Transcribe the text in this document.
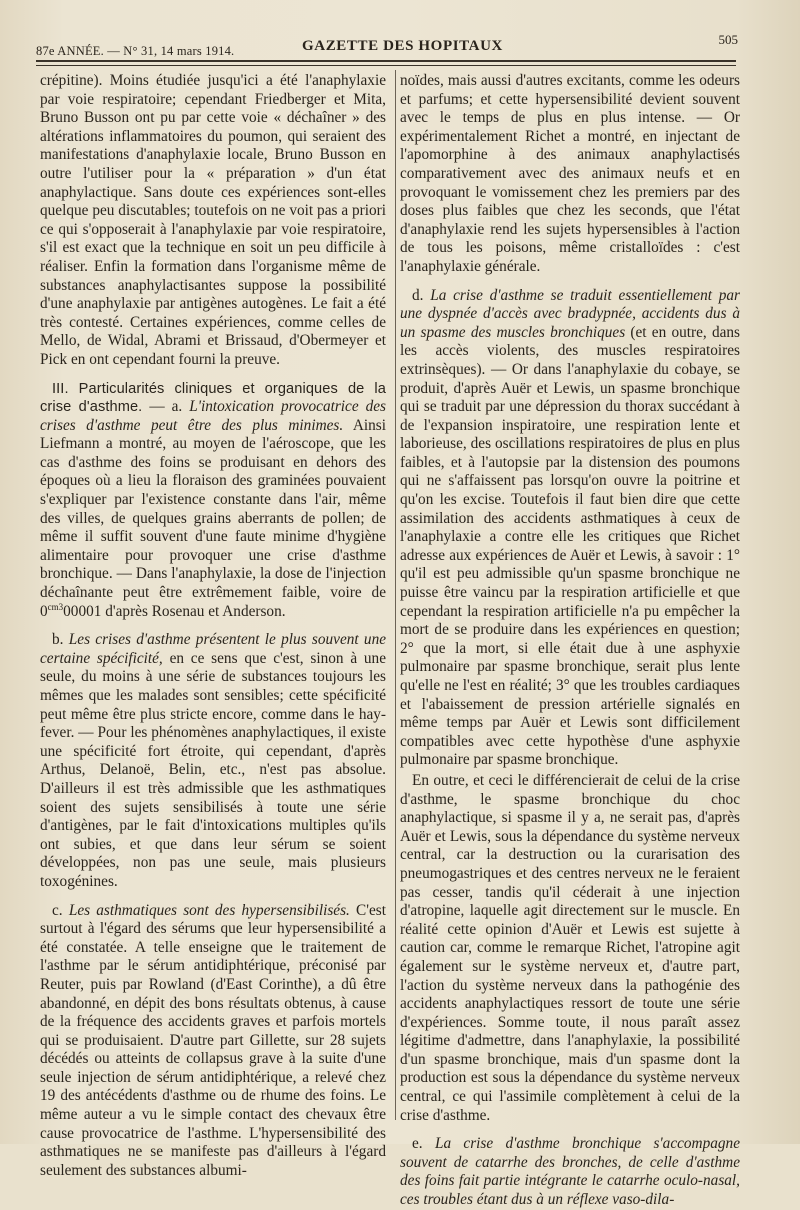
87e ANNÉE. — N° 31, 14 mars 1914.	GAZETTE DES HOPITAUX	505

crépitine). Moins étudiée jusqu'ici a été l'anaphylaxie par voie respiratoire; cependant Friedberger et Mita, Bruno Busson ont pu par cette voie « déchaîner » des altérations inflammatoires du poumon, qui seraient des manifestations d'anaphylaxie locale, Bruno Busson en outre l'utiliser pour la « préparation » d'un état anaphylactique. Sans doute ces expériences sont-elles quelque peu discutables; toutefois on ne voit pas a priori ce qui s'opposerait à l'anaphylaxie par voie respiratoire, s'il est exact que la technique en soit un peu difficile à réaliser. Enfin la formation dans l'organisme même de substances anaphylactisantes suppose la possibilité d'une anaphylaxie par antigènes autogènes. Le fait a été très contesté. Certaines expériences, comme celles de Mello, de Widal, Abrami et Brissaud, d'Obermeyer et Pick en ont cependant fourni la preuve.

III. Particularités cliniques et organiques de la crise d'asthme. — a. L'intoxication provocatrice des crises d'asthme peut être des plus minimes. Ainsi Liefmann a montré, au moyen de l'aéroscope, que les cas d'asthme des foins se produisant en dehors des époques où a lieu la floraison des graminées pouvaient s'expliquer par l'existence constante dans l'air, même des villes, de quelques grains aberrants de pollen; de même il suffit souvent d'une faute minime d'hygiène alimentaire pour provoquer une crise d'asthme bronchique. — Dans l'anaphylaxie, la dose de l'injection déchaînante peut être extrêmement faible, voire de $0^{cm3}00001$ d'après Rosenau et Anderson.

b. Les crises d'asthme présentent le plus souvent une certaine spécificité, en ce sens que c'est, sinon à une seule, du moins à une série de substances toujours les mêmes que les malades sont sensibles; cette spécificité peut même être plus stricte encore, comme dans le hay-fever. — Pour les phénomènes anaphylactiques, il existe une spécificité fort étroite, qui cependant, d'après Arthus, Delanoë, Belin, etc., n'est pas absolue. D'ailleurs il est très admissible que les asthmatiques soient des sujets sensibilisés à toute une série d'antigènes, par le fait d'intoxications multiples qu'ils ont subies, et que dans leur sérum se soient développées, non pas une seule, mais plusieurs toxogénines.

c. Les asthmatiques sont des hypersensibilisés. C'est surtout à l'égard des sérums que leur hypersensibilité a été constatée. A telle enseigne que le traitement de l'asthme par le sérum antidiphtérique, préconisé par Reuter, puis par Rowland (d'East Corinthe), a dû être abandonné, en dépit des bons résultats obtenus, à cause de la fréquence des accidents graves et parfois mortels qui se produisaient. D'autre part Gillette, sur 28 sujets décédés ou atteints de collapsus grave à la suite d'une seule injection de sérum antidiphtérique, a relevé chez 19 des antécédents d'asthme ou de rhume des foins. Le même auteur a vu le simple contact des chevaux être cause provocatrice de l'asthme. L'hypersensibilité des asthmatiques ne se manifeste pas d'ailleurs à l'égard seulement des substances albumi-

noïdes, mais aussi d'autres excitants, comme les odeurs et parfums; et cette hypersensibilité devient souvent avec le temps de plus en plus intense. — Or expérimentalement Richet a montré, en injectant de l'apomorphine à des animaux anaphylactisés comparativement avec des animaux neufs et en provoquant le vomissement chez les premiers par des doses plus faibles que chez les seconds, que l'état d'anaphylaxie rend les sujets hypersensibles à l'action de tous les poisons, même cristalloïdes : c'est l'anaphylaxie générale.

d. La crise d'asthme se traduit essentiellement par une dyspnée d'accès avec bradypnée, accidents dus à un spasme des muscles bronchiques (et en outre, dans les accès violents, des muscles respiratoires extrinsèques). — Or dans l'anaphylaxie du cobaye, se produit, d'après Auër et Lewis, un spasme bronchique qui se traduit par une dépression du thorax succédant à de l'expansion inspiratoire, une respiration lente et laborieuse, des oscillations respiratoires de plus en plus faibles, et à l'autopsie par la distension des poumons qui ne s'affaissent pas lorsqu'on ouvre la poitrine et qu'on les excise. Toutefois il faut bien dire que cette assimilation des accidents asthmatiques à ceux de l'anaphylaxie a contre elle les critiques que Richet adresse aux expériences de Auër et Lewis, à savoir : 1° qu'il est peu admissible qu'un spasme bronchique ne puisse être vaincu par la respiration artificielle et que cependant la respiration artificielle n'a pu empêcher la mort de se produire dans les expériences en question; 2° que la mort, si elle était due à une asphyxie pulmonaire par spasme bronchique, serait plus lente qu'elle ne l'est en réalité; 3° que les troubles cardiaques et l'abaissement de pression artérielle signalés en même temps par Auër et Lewis sont difficilement compatibles avec cette hypothèse d'une asphyxie pulmonaire par spasme bronchique.

En outre, et ceci le différencierait de celui de la crise d'asthme, le spasme bronchique du choc anaphylactique, si spasme il y a, ne serait pas, d'après Auër et Lewis, sous la dépendance du système nerveux central, car la destruction ou la curarisation des pneumogastriques et des centres nerveux ne le feraient pas cesser, tandis qu'il céderait à une injection d'atropine, laquelle agit directement sur le muscle. En réalité cette opinion d'Auër et Lewis est sujette à caution car, comme le remarque Richet, l'atropine agit également sur le système nerveux et, d'autre part, l'action du système nerveux dans la pathogénie des accidents anaphylactiques ressort de toute une série d'expériences. Somme toute, il nous paraît assez légitime d'admettre, dans l'anaphylaxie, la possibilité d'un spasme bronchique, mais d'un spasme dont la production est sous la dépendance du système nerveux central, ce qui l'assimile complètement à celui de la crise d'asthme.

e. La crise d'asthme bronchique s'accompagne souvent de catarrhe des bronches, de celle d'asthme des foins fait partie intégrante le catarrhe oculo-nasal, ces troubles étant dus à un réflexe vaso-dila-
